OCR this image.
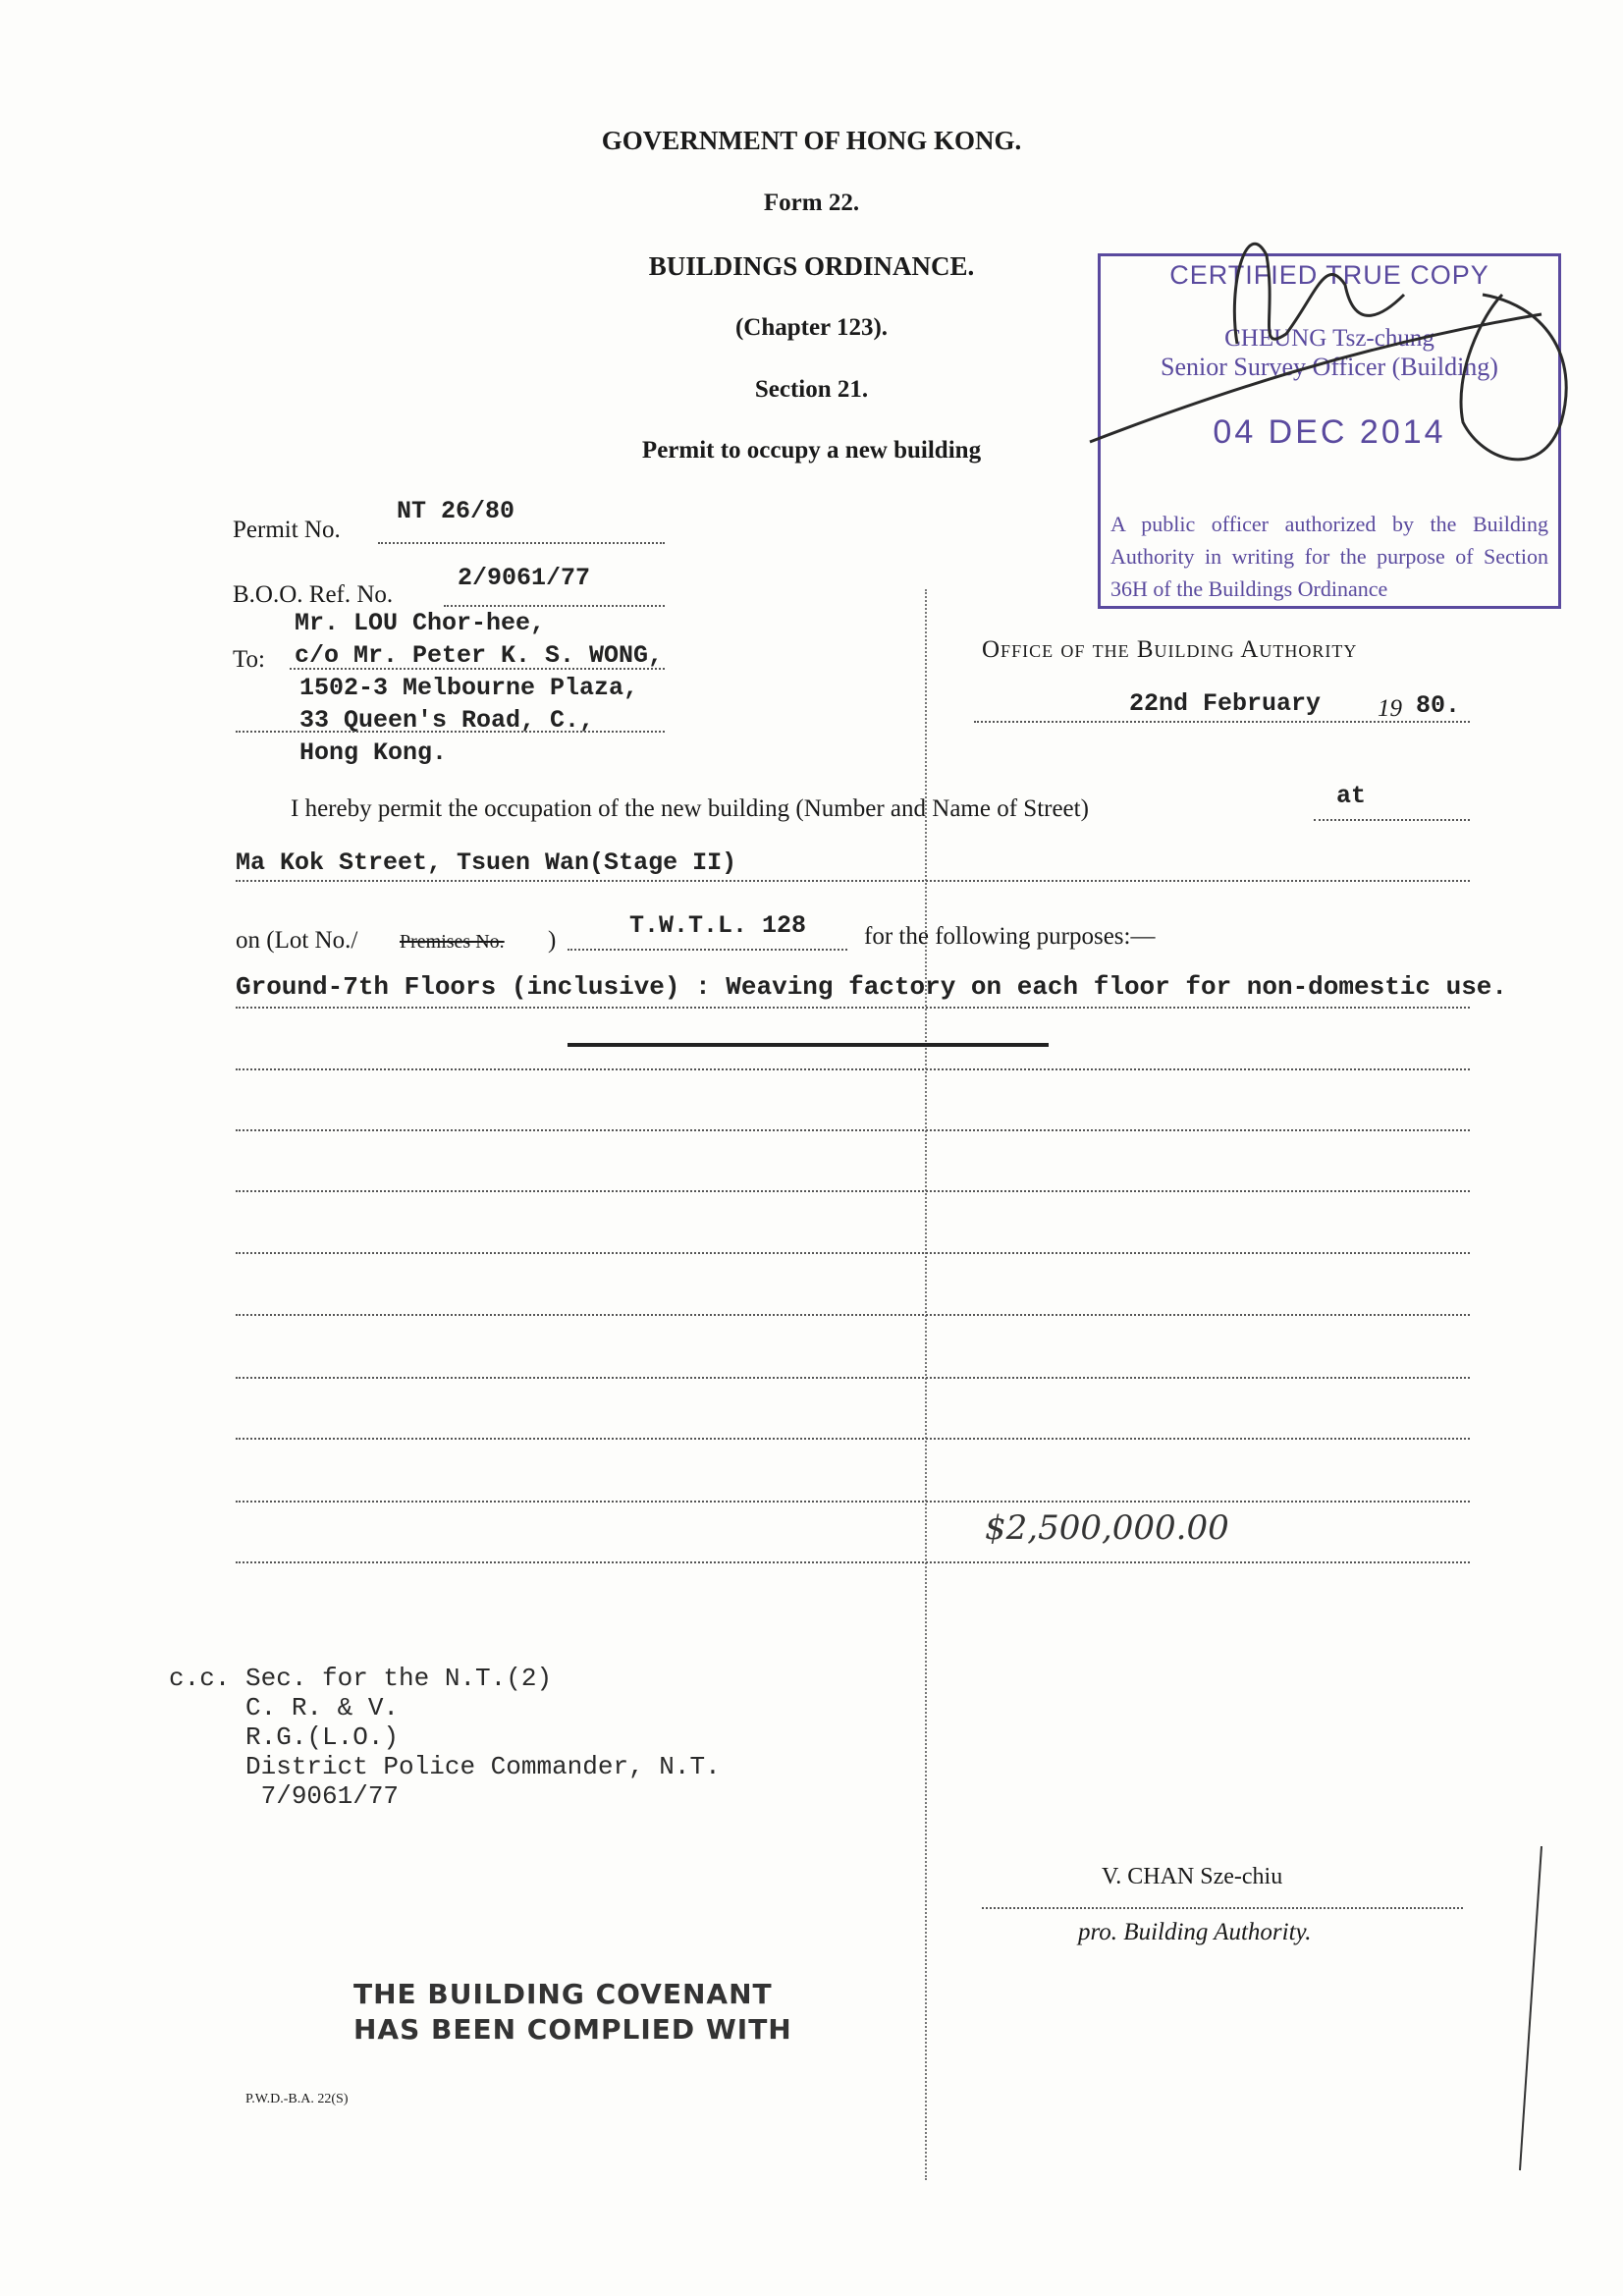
GOVERNMENT OF HONG KONG.
Form 22.
BUILDINGS ORDINANCE.
(Chapter 123).
Section 21.
Permit to occupy a new building
CERTIFIED TRUE COPY
CHEUNG Tsz-chung
Senior Survey Officer (Building)
04 DEC 2014
A public officer authorized by the Building Authority in writing for the purpose of Section 36H of the Buildings Ordinance
Permit No.
NT 26/80
B.O.O. Ref. No.
2/9061/77
To:
Mr. LOU Chor-hee,
c/o Mr. Peter K. S. WONG,
1502-3 Melbourne Plaza,
33 Queen's Road, C.,
Hong Kong.
Office of the Building Authority
22nd February 19 80.
I hereby permit the occupation of the new building (Number and Name of Street)	at
Ma Kok Street, Tsuen Wan(Stage II)
on (Lot No./ Premises No. )
T.W.T.L. 128 for the following purposes:—
Ground-7th Floors (inclusive) : Weaving factory on each floor for non-domestic use.
$2,500,000.00
c.c. Sec. for the N.T.(2)
C. R. & V.
R.G.(L.O.)
District Police Commander, N.T.
7/9061/77
V. CHAN Sze-chiu
pro. Building Authority.
THE BUILDING COVENANT
HAS BEEN COMPLIED WITH
P.W.D.-B.A. 22(S)
